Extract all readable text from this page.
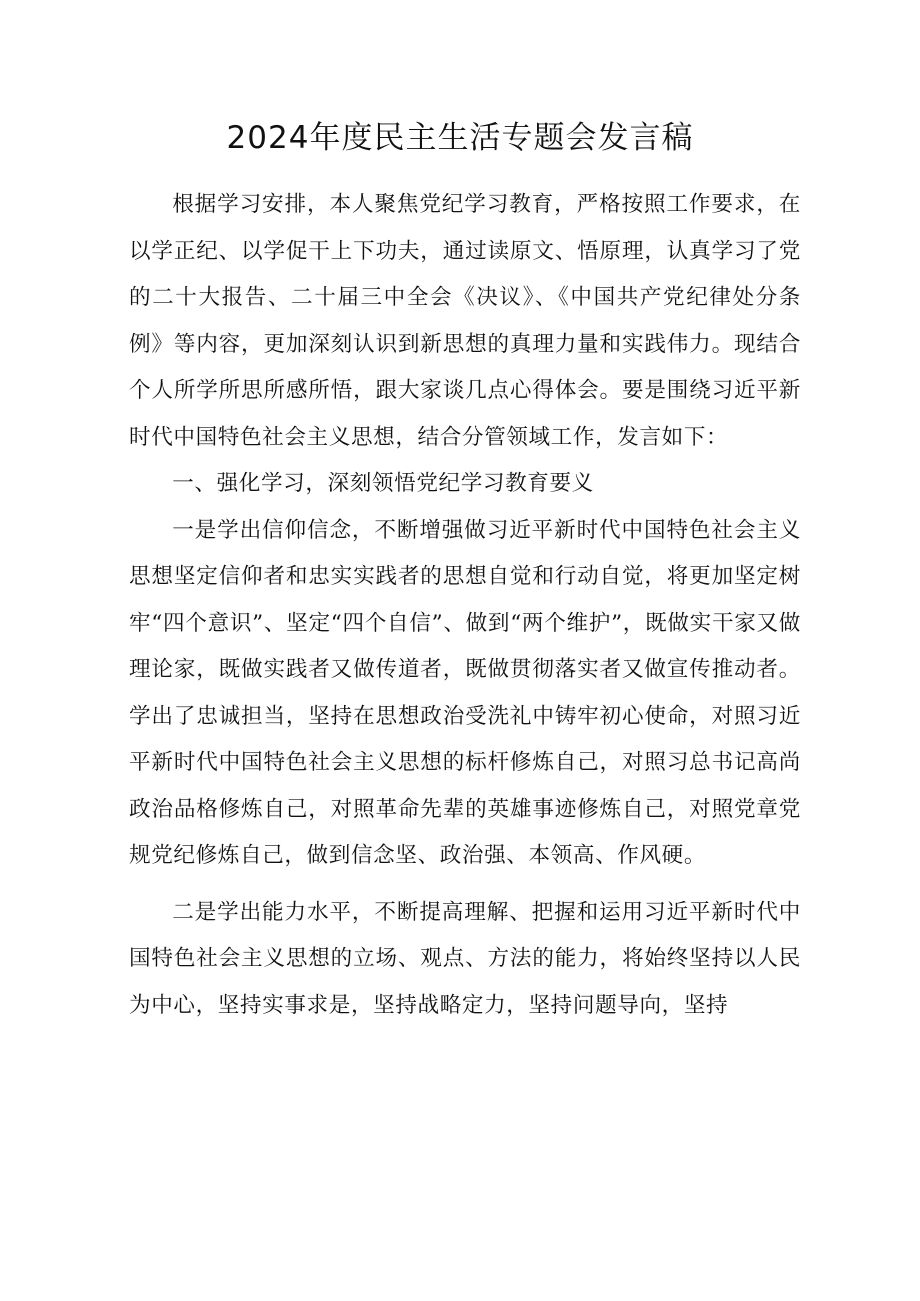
2024年度民主生活专题会发言稿

根据学习安排，本人聚焦党纪学习教育，严格按照工作要求，在以学正纪、以学促干上下功夫，通过读原文、悟原理，认真学习了党的二十大报告、二十届三中全会《决议》、《中国共产党纪律处分条例》等内容，更加深刻认识到新思想的真理力量和实践伟力。现结合个人所学所思所感所悟，跟大家谈几点心得体会。要是围绕习近平新时代中国特色社会主义思想，结合分管领域工作，发言如下：

一、强化学习，深刻领悟党纪学习教育要义

一是学出信仰信念，不断增强做习近平新时代中国特色社会主义思想坚定信仰者和忠实实践者的思想自觉和行动自觉，将更加坚定树牢“四个意识”、坚定“四个自信”、做到“两个维护”，既做实干家又做理论家，既做实践者又做传道者，既做贯彻落实者又做宣传推动者。学出了忠诚担当，坚持在思想政治受洗礼中铸牢初心使命，对照习近平新时代中国特色社会主义思想的标杆修炼自己，对照习总书记高尚政治品格修炼自己，对照革命先辈的英雄事迹修炼自己，对照党章党规党纪修炼自己，做到信念坚、政治强、本领高、作风硬。

二是学出能力水平，不断提高理解、把握和运用习近平新时代中国特色社会主义思想的立场、观点、方法的能力，将始终坚持以人民为中心，坚持实事求是，坚持战略定力，坚持问题导向，坚持
